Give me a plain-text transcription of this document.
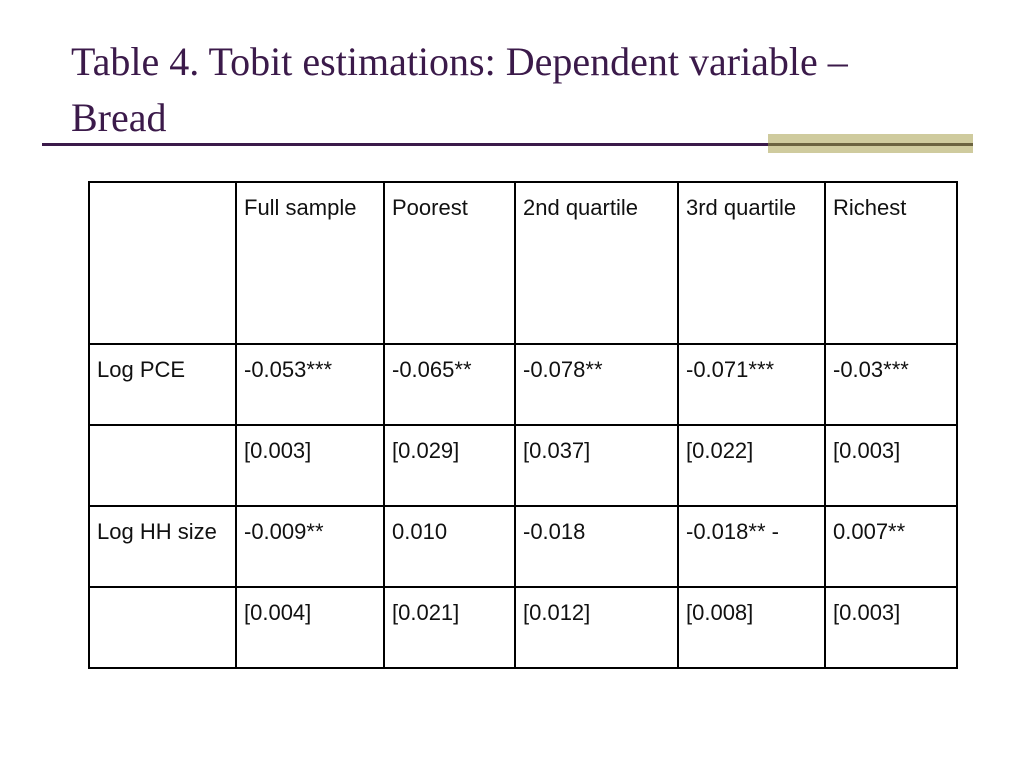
Table 4. Tobit estimations: Dependent variable –
Bread
	Full sample	Poorest	2nd quartile	3rd quartile	Richest
Log PCE	-0.053***	-0.065**	-0.078**	-0.071***	-0.03***
	[0.003]	[0.029]	[0.037]	[0.022]	[0.003]
Log HH size	-0.009**	0.010	-0.018	-0.018** -	0.007**
	[0.004]	[0.021]	[0.012]	[0.008]	[0.003]
